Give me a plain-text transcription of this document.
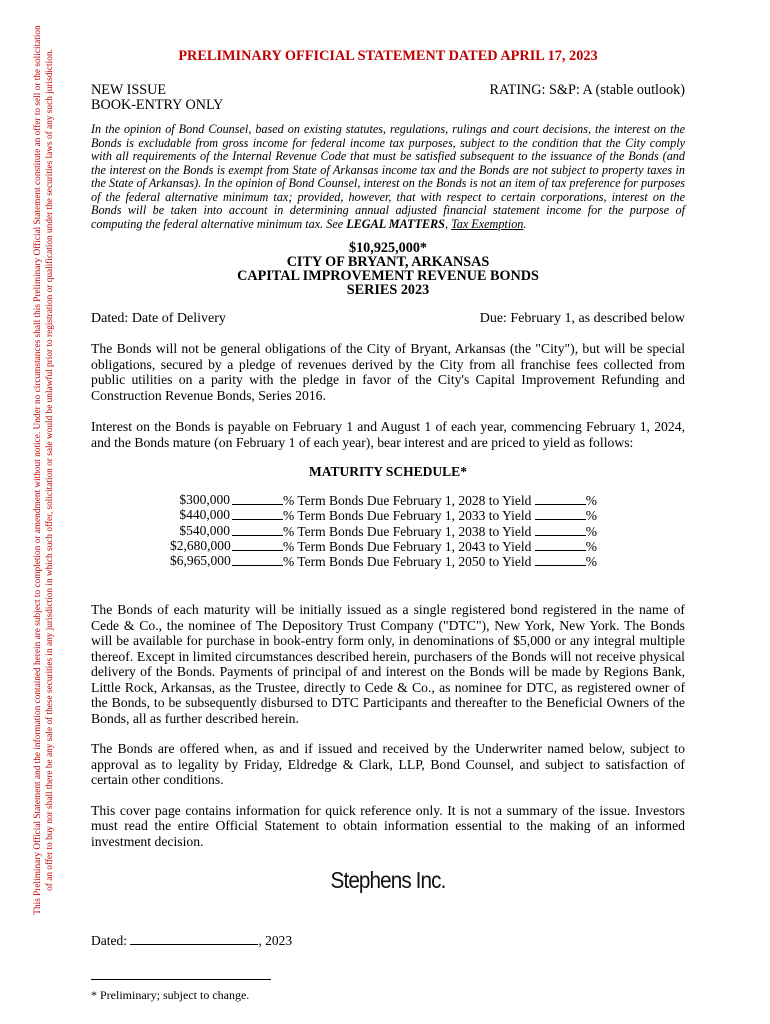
This Preliminary Official Statement and the information contained herein are subject to completion or amendment without notice. Under no circumstances shall this Preliminary Official Statement constitute an offer to sell or the solicitation of an offer to buy nor shall there be any sale of these securities in any jurisdiction in which such offer, solicitation or sale would be unlawful prior to registration or qualification under the securities laws of any such jurisdiction.	PRELIMINARY OFFICIAL STATEMENT DATED APRIL 17, 2023
NEW ISSUE
BOOK-ENTRY ONLY
RATING: S&P: A (stable outlook)
In the opinion of Bond Counsel, based on existing statutes, regulations, rulings and court decisions, the interest on the Bonds is excludable from gross income for federal income tax purposes, subject to the condition that the City comply with all requirements of the Internal Revenue Code that must be satisfied subsequent to the issuance of the Bonds (and the interest on the Bonds is exempt from State of Arkansas income tax and the Bonds are not subject to property taxes in the State of Arkansas). In the opinion of Bond Counsel, interest on the Bonds is not an item of tax preference for purposes of the federal alternative minimum tax; provided, however, that with respect to certain corporations, interest on the Bonds will be taken into account in determining annual adjusted financial statement income for the purpose of computing the federal alternative minimum tax. See LEGAL MATTERS, Tax Exemption.
$10,925,000*
CITY OF BRYANT, ARKANSAS
CAPITAL IMPROVEMENT REVENUE BONDS
SERIES 2023
Dated: Date of Delivery	Due: February 1, as described below

The Bonds will not be general obligations of the City of Bryant, Arkansas (the "City"), but will be special obligations, secured by a pledge of revenues derived by the City from all franchise fees collected from public utilities on a parity with the pledge in favor of the City's Capital Improvement Refunding and Construction Revenue Bonds, Series 2016.

Interest on the Bonds is payable on February 1 and August 1 of each year, commencing February 1, 2024, and the Bonds mature (on February 1 of each year), bear interest and are priced to yield as follows:

MATURITY SCHEDULE*
$300,000	% Term Bonds Due February 1, 2028 to Yield	%
$440,000	% Term Bonds Due February 1, 2033 to Yield	%
$540,000	% Term Bonds Due February 1, 2038 to Yield	%
$2,680,000	% Term Bonds Due February 1, 2043 to Yield	%
$6,965,000	% Term Bonds Due February 1, 2050 to Yield	%

The Bonds of each maturity will be initially issued as a single registered bond registered in the name of Cede & Co., the nominee of The Depository Trust Company ("DTC"), New York, New York. The Bonds will be available for purchase in book-entry form only, in denominations of $5,000 or any integral multiple thereof. Except in limited circumstances described herein, purchasers of the Bonds will not receive physical delivery of the Bonds. Payments of principal of and interest on the Bonds will be made by Regions Bank, Little Rock, Arkansas, as the Trustee, directly to Cede & Co., as nominee for DTC, as registered owner of the Bonds, to be subsequently disbursed to DTC Participants and thereafter to the Beneficial Owners of the Bonds, all as further described herein.

The Bonds are offered when, as and if issued and received by the Underwriter named below, subject to approval as to legality by Friday, Eldredge & Clark, LLP, Bond Counsel, and subject to satisfaction of certain other conditions.

This cover page contains information for quick reference only. It is not a summary of the issue. Investors must read the entire Official Statement to obtain information essential to the making of an informed investment decision.

Stephens Inc.
Dated:	, 2023
* Preliminary; subject to change.
